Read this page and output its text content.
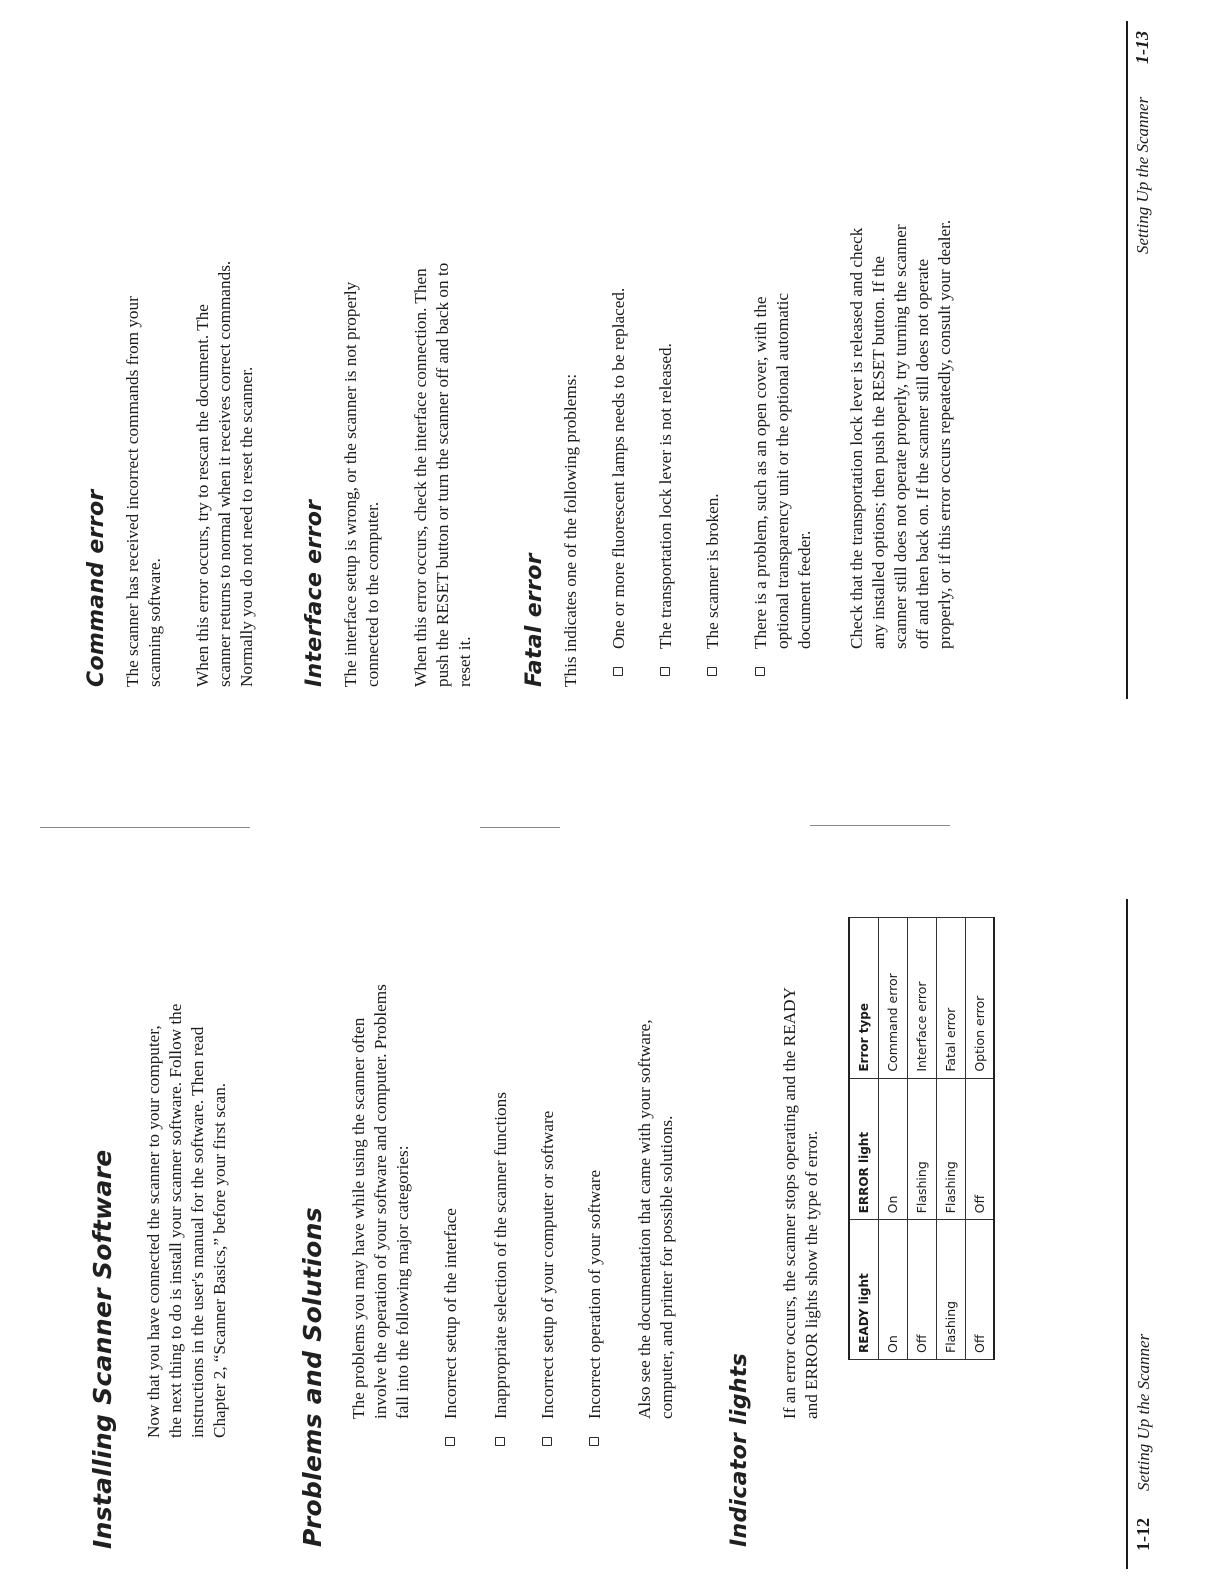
Installing Scanner Software Now that you have connected the scanner to your computer, the next thing to do is install your scanner software. Follow the instructions in the user's manual for the software. Then read Chapter 2, “Scanner Basics,” before your first scan.	Problems and Solutions The problems you may have while using the scanner often involve the operation of your software and computer. Problems fall into the following major categories: Incorrect setup of the interface Inappropriate selection of the scanner functions Incorrect setup of your computer or software Incorrect operation of your software Also see the documentation that came with your software, computer, and printer for possible solutions.
Indicator lights
If an error occurs, the scanner stops operating and the READY and ERROR lights show the type of error.	READY light	ERROR light	Error type
On	On	Command error
Off	Flashing	Interface error
Flashing	Flashing	Fatal error
Off	Off	Option error
1-12
Setting Up the Scanner
Command error The scanner has received incorrect commands from your scanning software. When this error occurs, try to rescan the document. The scanner returns to normal when it receives correct commands. Normally you do not need to reset the scanner. Interface error The interface setup is wrong, or the scanner is not properly connected to the computer. When this error occurs, check the interface connection. Then push the RESET button or turn the scanner off and back on to reset it. Fatal error This indicates one of the following problems: One or more fluorescent lamps needs to be replaced. The transportation lock lever is not released. The scanner is broken. There is a problem, such as an open cover, with the optional transparency unit or the optional automatic document feeder. Check that the transportation lock lever is released and check any installed options; then push the RESET button. If the scanner still does not operate properly, try turning the scanner off and then back on. If the scanner still does not operate properly, or if this error occurs repeatedly, consult your dealer.
Setting Up the Scanner
1-13
